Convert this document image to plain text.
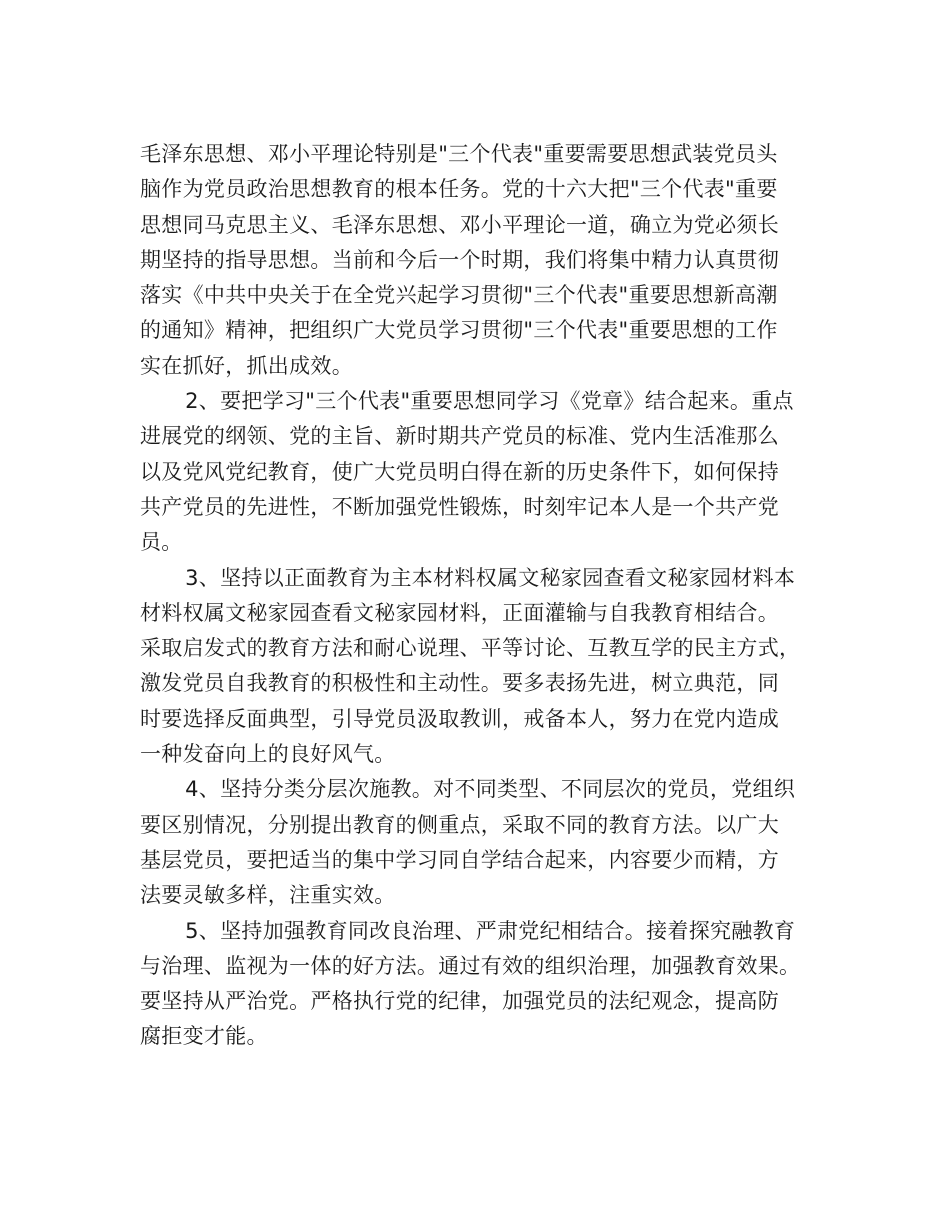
毛泽东思想、邓小平理论特别是"三个代表"重要需要思想武装党员头
脑作为党员政治思想教育的根本任务。党的十六大把"三个代表"重要
思想同马克思主义、毛泽东思想、邓小平理论一道，确立为党必须长
期坚持的指导思想。当前和今后一个时期，我们将集中精力认真贯彻
落实《中共中央关于在全党兴起学习贯彻"三个代表"重要思想新高潮
的通知》精神，把组织广大党员学习贯彻"三个代表"重要思想的工作
实在抓好，抓出成效。

2、要把学习"三个代表"重要思想同学习《党章》结合起来。重点
进展党的纲领、党的主旨、新时期共产党员的标准、党内生活准那么
以及党风党纪教育，使广大党员明白得在新的历史条件下，如何保持
共产党员的先进性，不断加强党性锻炼，时刻牢记本人是一个共产党
员。

3、坚持以正面教育为主本材料权属文秘家园查看文秘家园材料本
材料权属文秘家园查看文秘家园材料，正面灌输与自我教育相结合。
采取启发式的教育方法和耐心说理、平等讨论、互教互学的民主方式，
激发党员自我教育的积极性和主动性。要多表扬先进，树立典范，同
时要选择反面典型，引导党员汲取教训，戒备本人，努力在党内造成
一种发奋向上的良好风气。

4、坚持分类分层次施教。对不同类型、不同层次的党员，党组织
要区别情况，分别提出教育的侧重点，采取不同的教育方法。以广大
基层党员，要把适当的集中学习同自学结合起来，内容要少而精，方
法要灵敏多样，注重实效。

5、坚持加强教育同改良治理、严肃党纪相结合。接着探究融教育
与治理、监视为一体的好方法。通过有效的组织治理，加强教育效果。
要坚持从严治党。严格执行党的纪律，加强党员的法纪观念，提高防
腐拒变才能。
